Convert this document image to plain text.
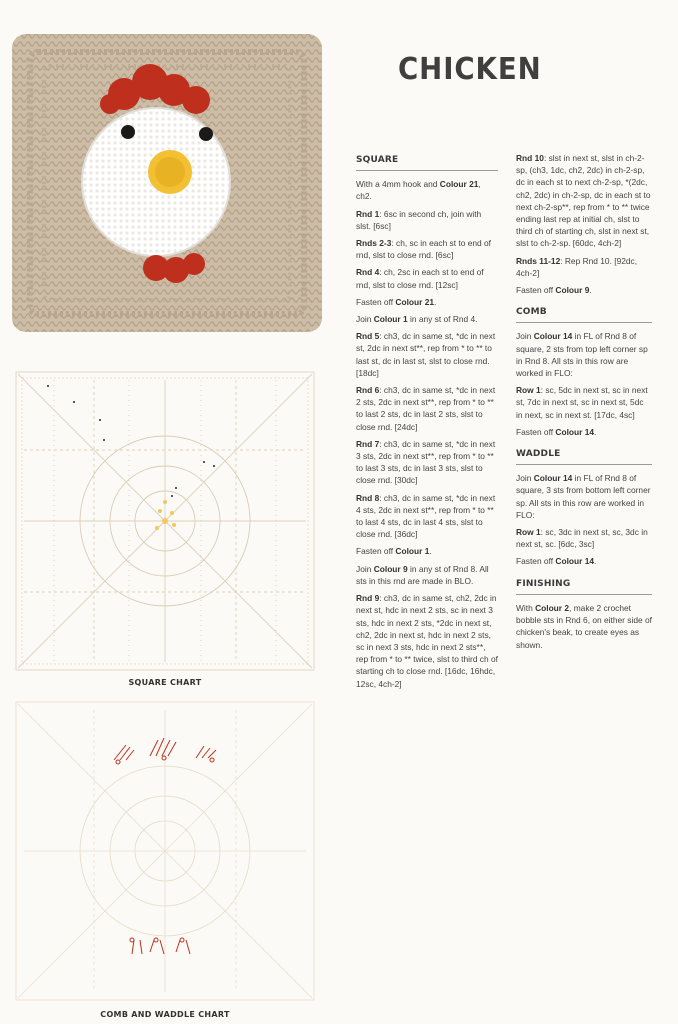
SQUARE CHART
COMB AND WADDLE CHART
CHICKEN
SQUARE

With a 4mm hook and Colour 21, ch2.

Rnd 1: 6sc in second ch, join with slst. [6sc]

Rnds 2-3: ch, sc in each st to end of rnd, slst to close rnd. [6sc]

Rnd 4: ch, 2sc in each st to end of rnd, slst to close rnd. [12sc]

Fasten off Colour 21.

Join Colour 1 in any st of Rnd 4.

Rnd 5: ch3, dc in same st, *dc in next st, 2dc in next st**, rep from * to ** to last st, dc in last st, slst to close rnd. [18dc]

Rnd 6: ch3, dc in same st, *dc in next 2 sts, 2dc in next st**, rep from * to ** to last 2 sts, dc in last 2 sts, slst to close rnd. [24dc]

Rnd 7: ch3, dc in same st, *dc in next 3 sts, 2dc in next st**, rep from * to ** to last 3 sts, dc in last 3 sts, slst to close rnd. [30dc]

Rnd 8: ch3, dc in same st, *dc in next 4 sts, 2dc in next st**, rep from * to ** to last 4 sts, dc in last 4 sts, slst to close rnd. [36dc]

Fasten off Colour 1.

Join Colour 9 in any st of Rnd 8. All sts in this rnd are made in BLO.

Rnd 9: ch3, dc in same st, ch2, 2dc in next st, hdc in next 2 sts, sc in next 3 sts, hdc in next 2 sts, *2dc in next st, ch2, 2dc in next st, hdc in next 2 sts, sc in next 3 sts, hdc in next 2 sts**, rep from * to ** twice, slst to third ch of starting ch to close rnd. [16dc, 16hdc, 12sc, 4ch-2]

Rnd 10: slst in next st, slst in ch-2-sp, (ch3, 1dc, ch2, 2dc) in ch-2-sp, dc in each st to next ch-2-sp, *(2dc, ch2, 2dc) in ch-2-sp, dc in each st to next ch-2-sp**, rep from * to ** twice ending last rep at initial ch, slst to third ch of starting ch, slst in next st, slst to ch-2-sp. [60dc, 4ch-2]

Rnds 11-12: Rep Rnd 10. [92dc, 4ch-2]

Fasten off Colour 9.

COMB

Join Colour 14 in FL of Rnd 8 of square, 2 sts from top left corner sp in Rnd 8. All sts in this row are worked in FLO:

Row 1: sc, 5dc in next st, sc in next st, 7dc in next st, sc in next st, 5dc in next, sc in next st. [17dc, 4sc]

Fasten off Colour 14.

WADDLE

Join Colour 14 in FL of Rnd 8 of square, 3 sts from bottom left corner sp. All sts in this row are worked in FLO:

Row 1: sc, 3dc in next st, sc, 3dc in next st, sc. [6dc, 3sc]

Fasten off Colour 14.

FINISHING

With Colour 2, make 2 crochet bobble sts in Rnd 6, on either side of chicken's beak, to create eyes as shown.
